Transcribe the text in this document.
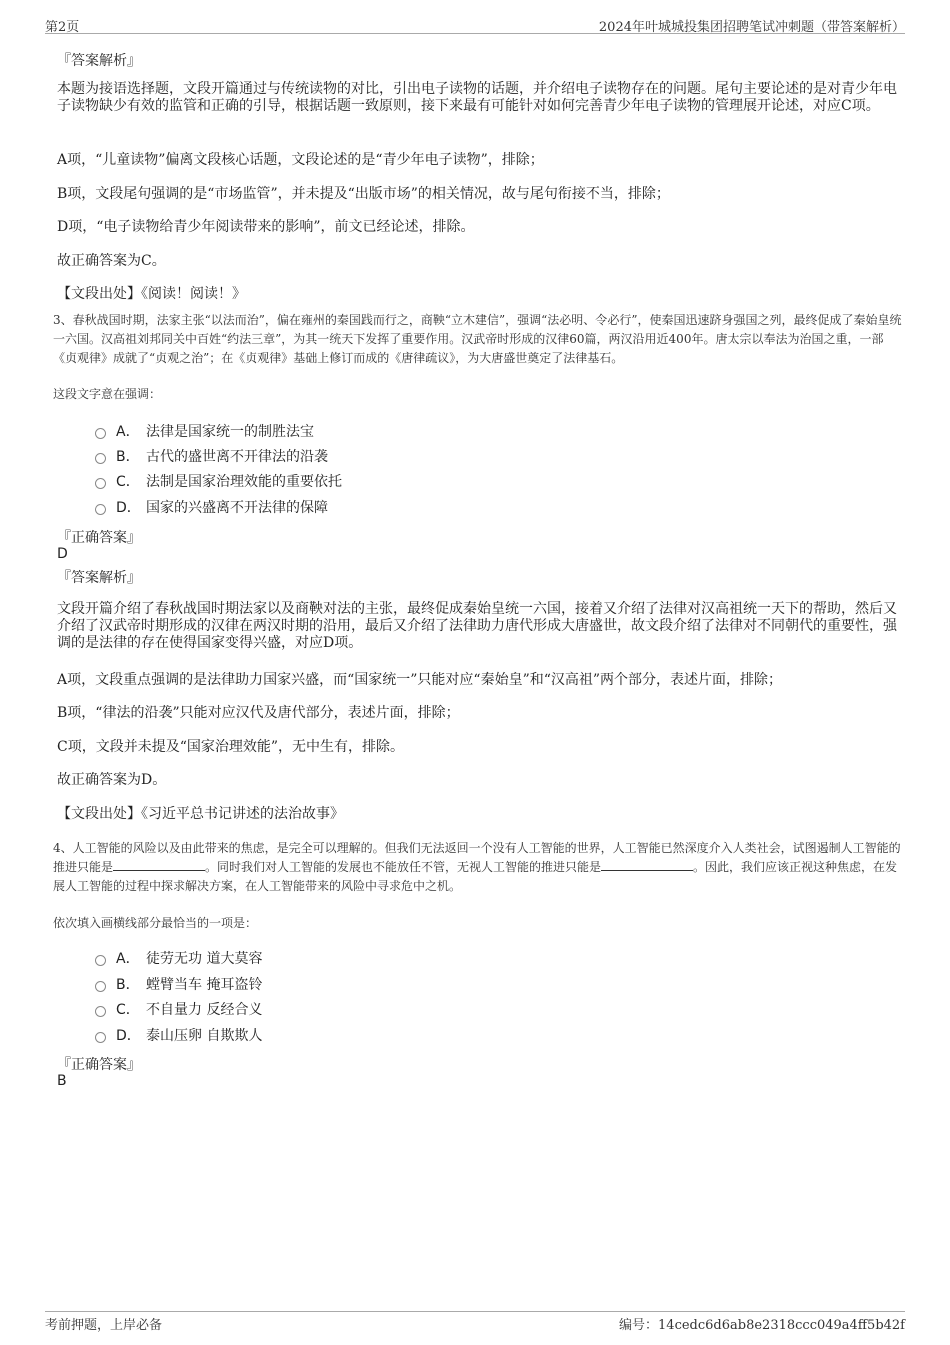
第2页	2024年叶城城投集团招聘笔试冲刺题（带答案解析）
『答案解析』
本题为接语选择题，文段开篇通过与传统读物的对比，引出电子读物的话题，并介绍电子读物存在的问题。尾句主要论述的是对青少年电子读物缺少有效的监管和正确的引导，根据话题一致原则，接下来最有可能针对如何完善青少年电子读物的管理展开论述，对应C项。
A项，“儿童读物”偏离文段核心话题，文段论述的是“青少年电子读物”，排除；
B项，文段尾句强调的是“市场监管”，并未提及“出版市场”的相关情况，故与尾句衔接不当，排除；
D项，“电子读物给青少年阅读带来的影响”，前文已经论述，排除。
故正确答案为C。
【文段出处】《阅读！阅读！》
3、春秋战国时期，法家主张“以法而治”，偏在雍州的秦国践而行之，商鞅“立木建信”，强调“法必明、令必行”，使秦国迅速跻身强国之列，最终促成了秦始皇统一六国。汉高祖刘邦同关中百姓“约法三章”，为其一统天下发挥了重要作用。汉武帝时形成的汉律60篇，两汉沿用近400年。唐太宗以奉法为治国之重，一部《贞观律》成就了“贞观之治”；在《贞观律》基础上修订而成的《唐律疏议》，为大唐盛世奠定了法律基石。
这段文字意在强调：
A． 法律是国家统一的制胜法宝
B． 古代的盛世离不开律法的沿袭
C． 法制是国家治理效能的重要依托
D． 国家的兴盛离不开法律的保障
『正确答案』
D
『答案解析』
文段开篇介绍了春秋战国时期法家以及商鞅对法的主张，最终促成秦始皇统一六国，接着又介绍了法律对汉高祖统一天下的帮助，然后又介绍了汉武帝时期形成的汉律在两汉时期的沿用，最后又介绍了法律助力唐代形成大唐盛世，故文段介绍了法律对不同朝代的重要性，强调的是法律的存在使得国家变得兴盛，对应D项。
A项，文段重点强调的是法律助力国家兴盛，而“国家统一”只能对应“秦始皇”和“汉高祖”两个部分，表述片面，排除；
B项，“律法的沿袭”只能对应汉代及唐代部分，表述片面，排除；
C项，文段并未提及“国家治理效能”，无中生有，排除。
故正确答案为D。
【文段出处】《习近平总书记讲述的法治故事》
4、人工智能的风险以及由此带来的焦虑，是完全可以理解的。但我们无法返回一个没有人工智能的世界，人工智能已然深度介入人类社会，试图遏制人工智能的推进只能是	。同时我们对人工智能的发展也不能放任不管，无视人工智能的推进只能是	。因此，我们应该正视这种焦虑，在发展人工智能的过程中探求解决方案，在人工智能带来的风险中寻求危中之机。
依次填入画横线部分最恰当的一项是：
A． 徒劳无功 道大莫容
B． 螳臂当车 掩耳盗铃
C． 不自量力 反经合义
D． 泰山压卵 自欺欺人
『正确答案』
B
考前押题，上岸必备	编号：14cedc6d6ab8e2318ccc049a4ff5b42f
